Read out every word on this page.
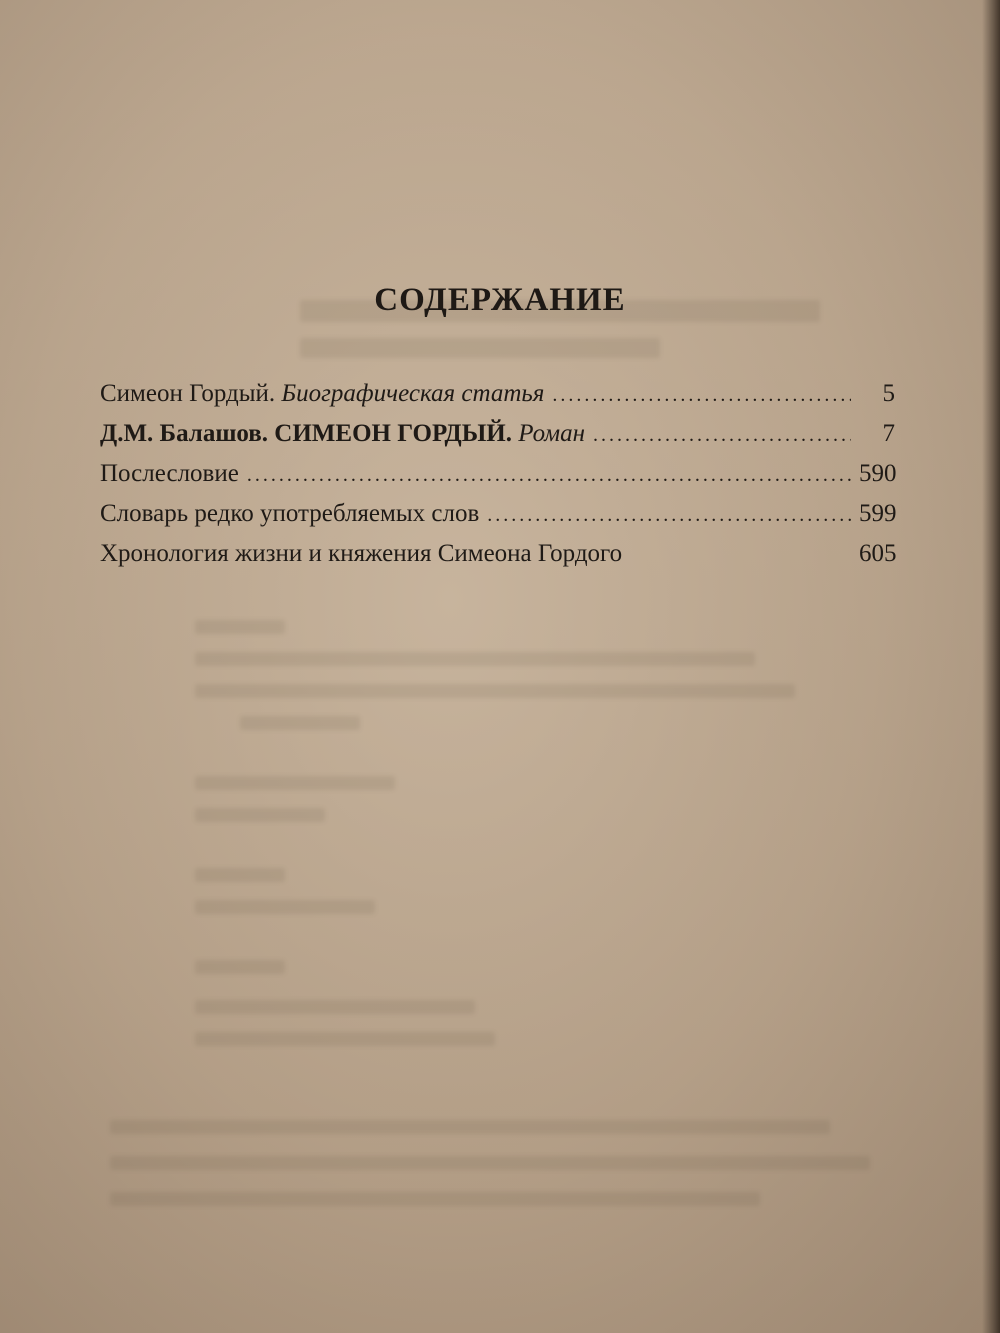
СОДЕРЖАНИЕ
Симеон Гордый. Биографическая статья .....	5
Д.М. Балашов. СИМЕОН ГОРДЫЙ. Роман .....	7
Послесловие .....	590
Словарь редко употребляемых слов .....	599
Хронология жизни и княжения Симеона Гордого	605
